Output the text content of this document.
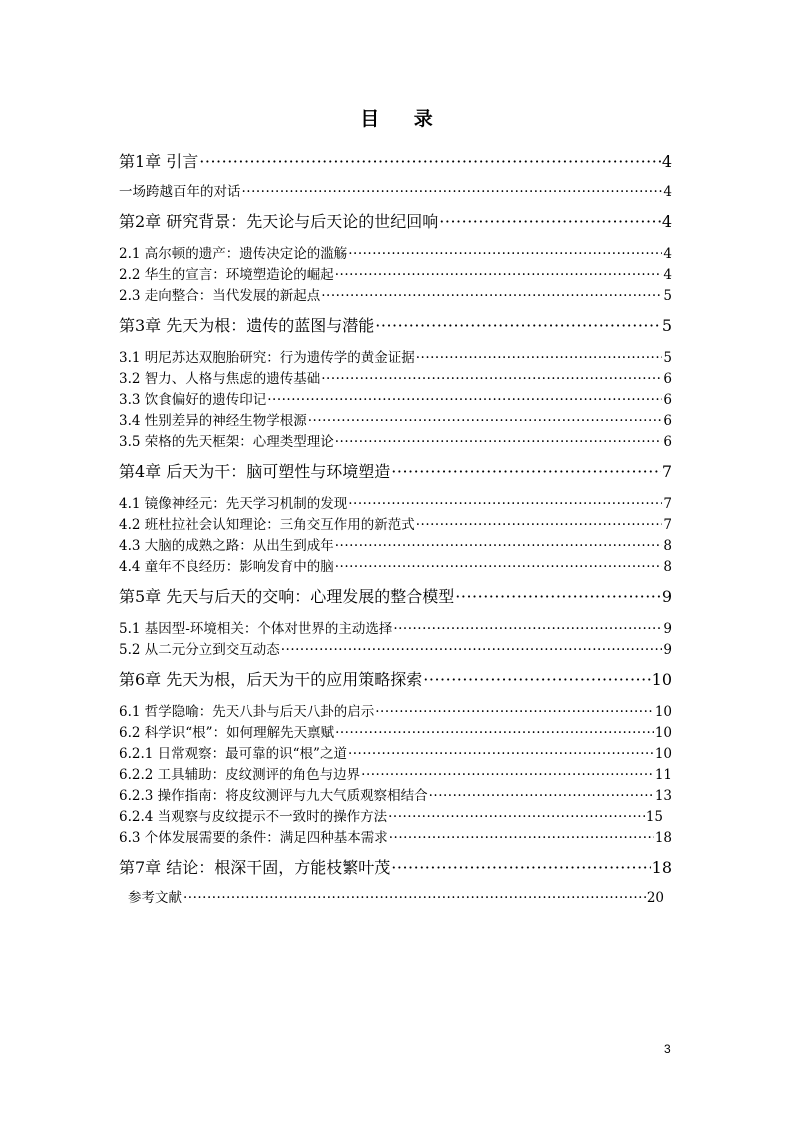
目 录
第1章 引言 ·····	4
一场跨越百年的对话 ·····	4
第2章 研究背景：先天论与后天论的世纪回响 ·····	4
2.1 高尔顿的遗产：遗传决定论的滥觞 ·····	4
2.2 华生的宣言：环境塑造论的崛起 ·····	4
2.3 走向整合：当代发展的新起点 ·····	5
第3章 先天为根：遗传的蓝图与潜能 ·····	5
3.1 明尼苏达双胞胎研究：行为遗传学的黄金证据 ·····	5
3.2 智力、人格与焦虑的遗传基础 ·····	6
3.3 饮食偏好的遗传印记 ·····	6
3.4 性别差异的神经生物学根源 ·····	6
3.5 荣格的先天框架：心理类型理论 ·····	6
第4章 后天为干：脑可塑性与环境塑造 ·····	7
4.1 镜像神经元：先天学习机制的发现 ·····	7
4.2 班杜拉社会认知理论：三角交互作用的新范式 ·····	7
4.3 大脑的成熟之路：从出生到成年 ·····	8
4.4 童年不良经历：影响发育中的脑 ·····	8
第5章 先天与后天的交响：心理发展的整合模型 ·····	9
5.1 基因型-环境相关：个体对世界的主动选择 ·····	9
5.2 从二元分立到交互动态 ·····	9
第6章 先天为根，后天为干的应用策略探索 ·····	10
6.1 哲学隐喻：先天八卦与后天八卦的启示 ·····	10
6.2 科学识“根”：如何理解先天禀赋 ·····	10
6.2.1 日常观察：最可靠的识“根”之道 ·····	10
6.2.2 工具辅助：皮纹测评的角色与边界 ·····	11
6.2.3 操作指南：将皮纹测评与九大气质观察相结合 ·····	13
6.2.4 当观察与皮纹提示不一致时的操作方法 ·····	15
6.3 个体发展需要的条件：满足四种基本需求 ·····	18
第7章 结论：根深干固，方能枝繁叶茂 ·····	18
参考文献 ·····	20
3
